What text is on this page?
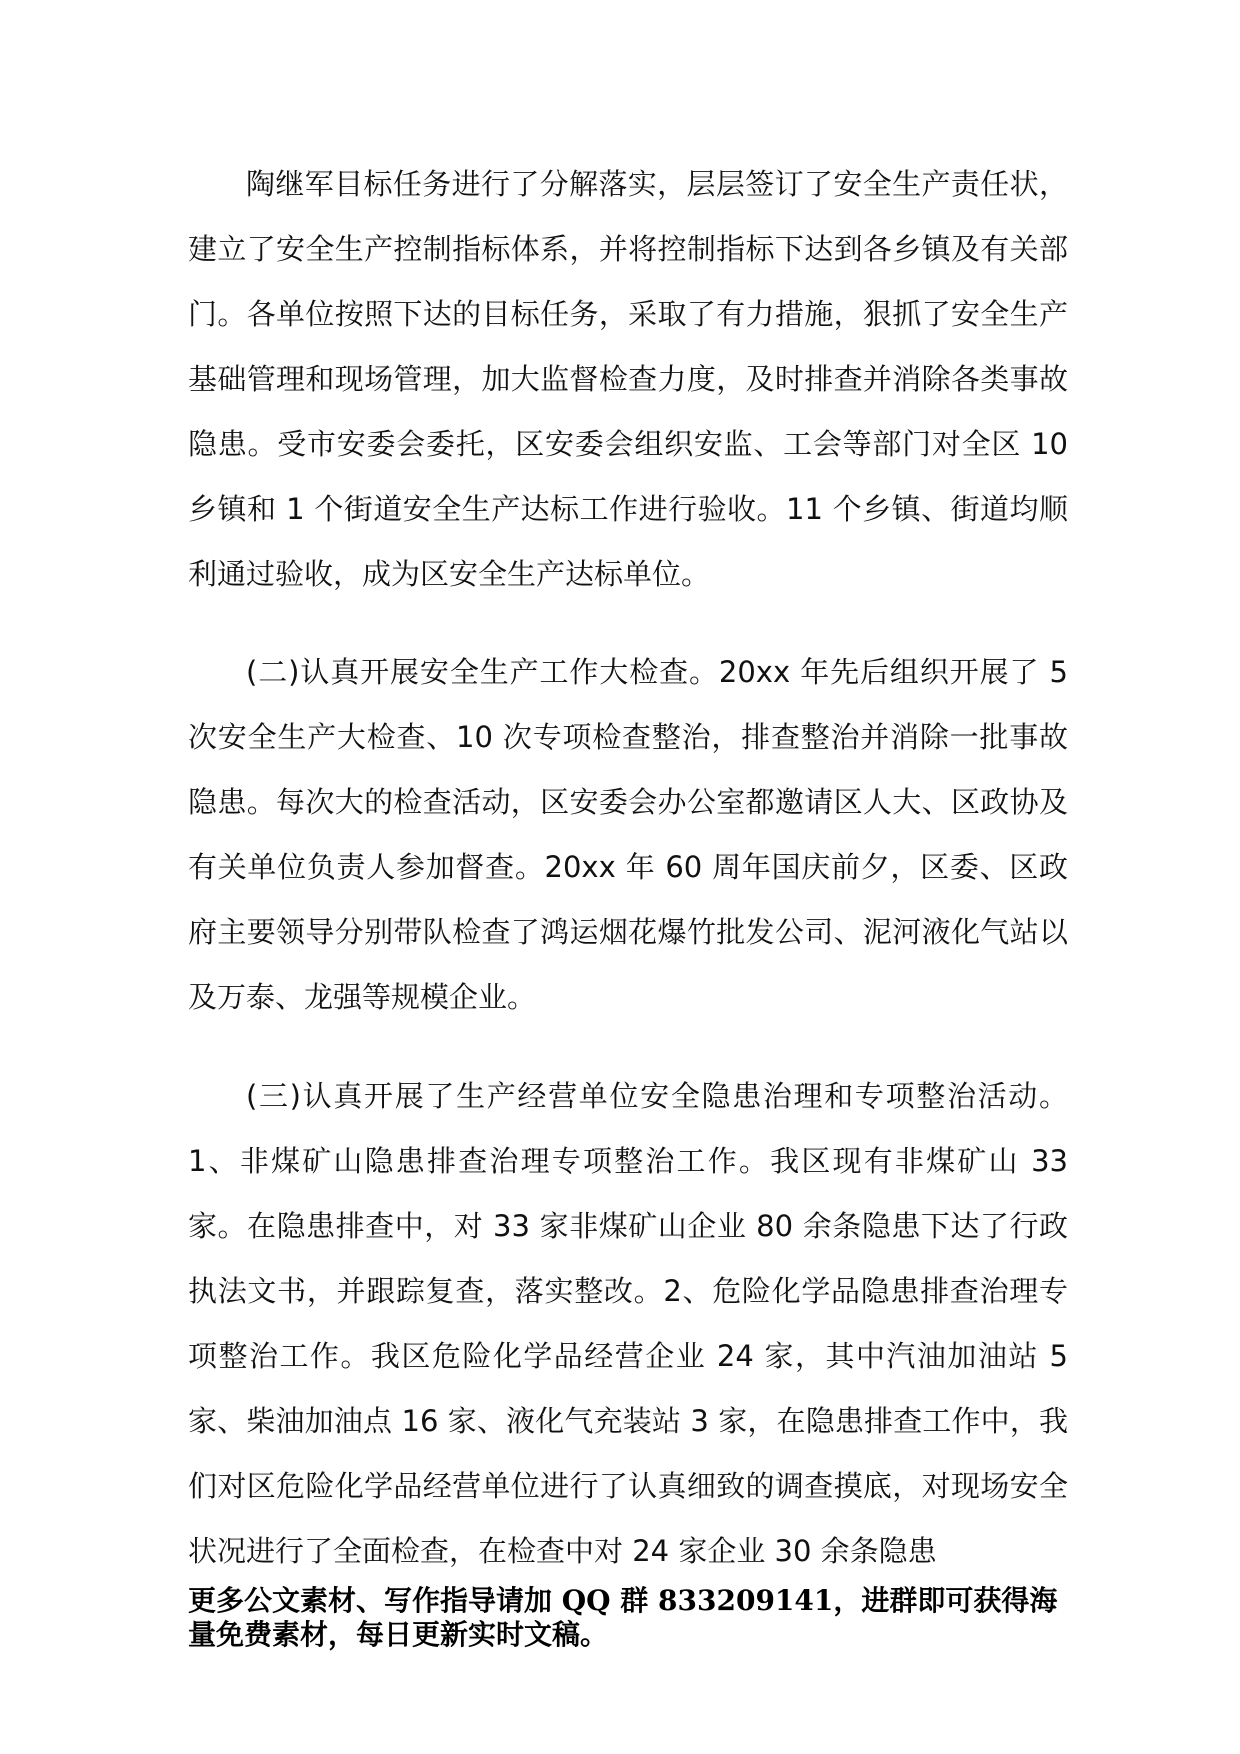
陶继军目标任务进行了分解落实，层层签订了安全生产责任状，建立了安全生产控制指标体系，并将控制指标下达到各乡镇及有关部门。各单位按照下达的目标任务，采取了有力措施，狠抓了安全生产基础管理和现场管理，加大监督检查力度，及时排查并消除各类事故隐患。受市安委会委托，区安委会组织安监、工会等部门对全区 10 乡镇和 1 个街道安全生产达标工作进行验收。11 个乡镇、街道均顺利通过验收，成为区安全生产达标单位。

(二)认真开展安全生产工作大检查。20xx 年先后组织开展了 5 次安全生产大检查、10 次专项检查整治，排查整治并消除一批事故隐患。每次大的检查活动，区安委会办公室都邀请区人大、区政协及有关单位负责人参加督查。20xx 年 60 周年国庆前夕，区委、区政府主要领导分别带队检查了鸿运烟花爆竹批发公司、泥河液化气站以及万泰、龙强等规模企业。

(三)认真开展了生产经营单位安全隐患治理和专项整治活动。1、非煤矿山隐患排查治理专项整治工作。我区现有非煤矿山 33 家。在隐患排查中，对 33 家非煤矿山企业 80 余条隐患下达了行政执法文书，并跟踪复查，落实整改。2、危险化学品隐患排查治理专项整治工作。我区危险化学品经营企业 24 家，其中汽油加油站 5 家、柴油加油点 16 家、液化气充装站 3 家，在隐患排查工作中，我们对区危险化学品经营单位进行了认真细致的调查摸底，对现场安全状况进行了全面检查，在检查中对 24 家企业 30 余条隐患

更多公文素材、写作指导请加 QQ 群 833209141，进群即可获得海量免费素材，每日更新实时文稿。
